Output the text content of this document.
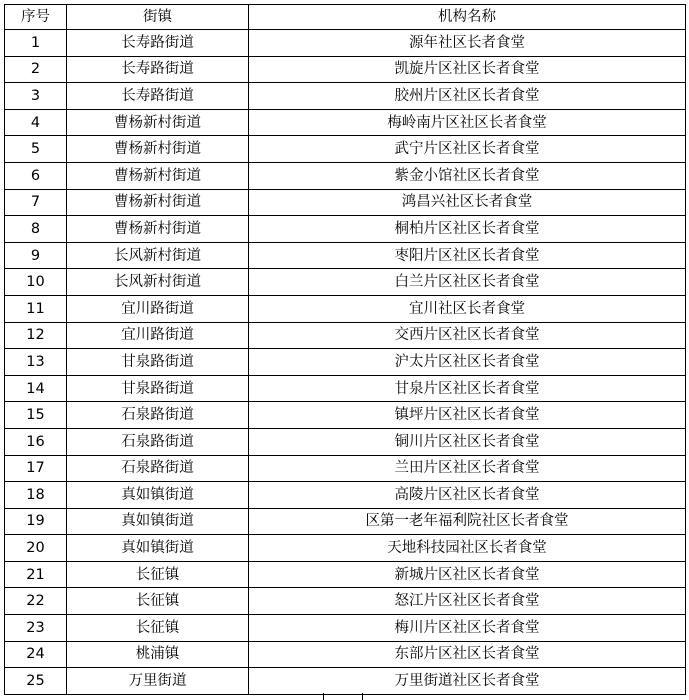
序号	街镇	机构名称
1	长寿路街道	源年社区长者食堂
2	长寿路街道	凯旋片区社区长者食堂
3	长寿路街道	胶州片区社区长者食堂
4	曹杨新村街道	梅岭南片区社区长者食堂
5	曹杨新村街道	武宁片区社区长者食堂
6	曹杨新村街道	紫金小馆社区长者食堂
7	曹杨新村街道	鸿昌兴社区长者食堂
8	曹杨新村街道	桐柏片区社区长者食堂
9	长风新村街道	枣阳片区社区长者食堂
10	长风新村街道	白兰片区社区长者食堂
11	宜川路街道	宜川社区长者食堂
12	宜川路街道	交西片区社区长者食堂
13	甘泉路街道	沪太片区社区长者食堂
14	甘泉路街道	甘泉片区社区长者食堂
15	石泉路街道	镇坪片区社区长者食堂
16	石泉路街道	铜川片区社区长者食堂
17	石泉路街道	兰田片区社区长者食堂
18	真如镇街道	高陵片区社区长者食堂
19	真如镇街道	区第一老年福利院社区长者食堂
20	真如镇街道	天地科技园社区长者食堂
21	长征镇	新城片区社区长者食堂
22	长征镇	怒江片区社区长者食堂
23	长征镇	梅川片区社区长者食堂
24	桃浦镇	东部片区社区长者食堂
25	万里街道	万里街道社区长者食堂
